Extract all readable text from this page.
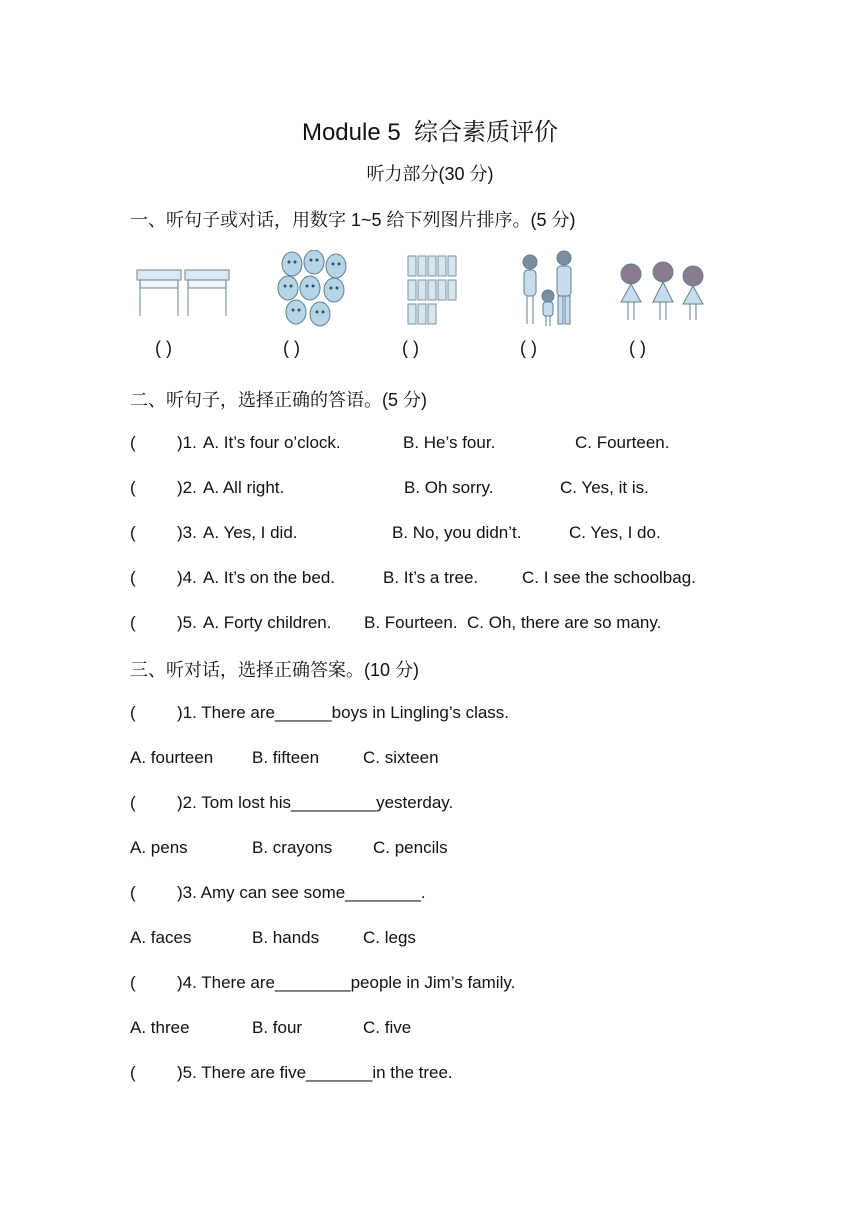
Module 5  综合素质评价
听力部分(30 分)
一、听句子或对话，用数字 1~5 给下列图片排序。(5 分)
( )	( )	( )	( )	( )
二、听句子，选择正确的答语。(5 分)
( )1. A. It’s four o’clock.	B. He’s four.	C. Fourteen.
( )2. A. All right.	B. Oh sorry.	C. Yes, it is.
( )3. A. Yes, I did.	B. No, you didn’t.	C. Yes, I do.
( )4. A. It’s on the bed.	B. It’s a tree.	C. I see the schoolbag.
( )5. A. Forty children. B. Fourteen. C. Oh, there are so many.
三、听对话，选择正确答案。(10 分)
( )1. There are______boys in Lingling’s class.
A. fourteen B. fifteen	C. sixteen
( )2. Tom lost his_________yesterday.
A. pens	B. crayons C. pencils
( )3. Amy can see some________.
A. faces	B. hands	C. legs
( )4. There are________people in Jim’s family.
A. three	B. four	C. five
( )5. There are five_______in the tree.
